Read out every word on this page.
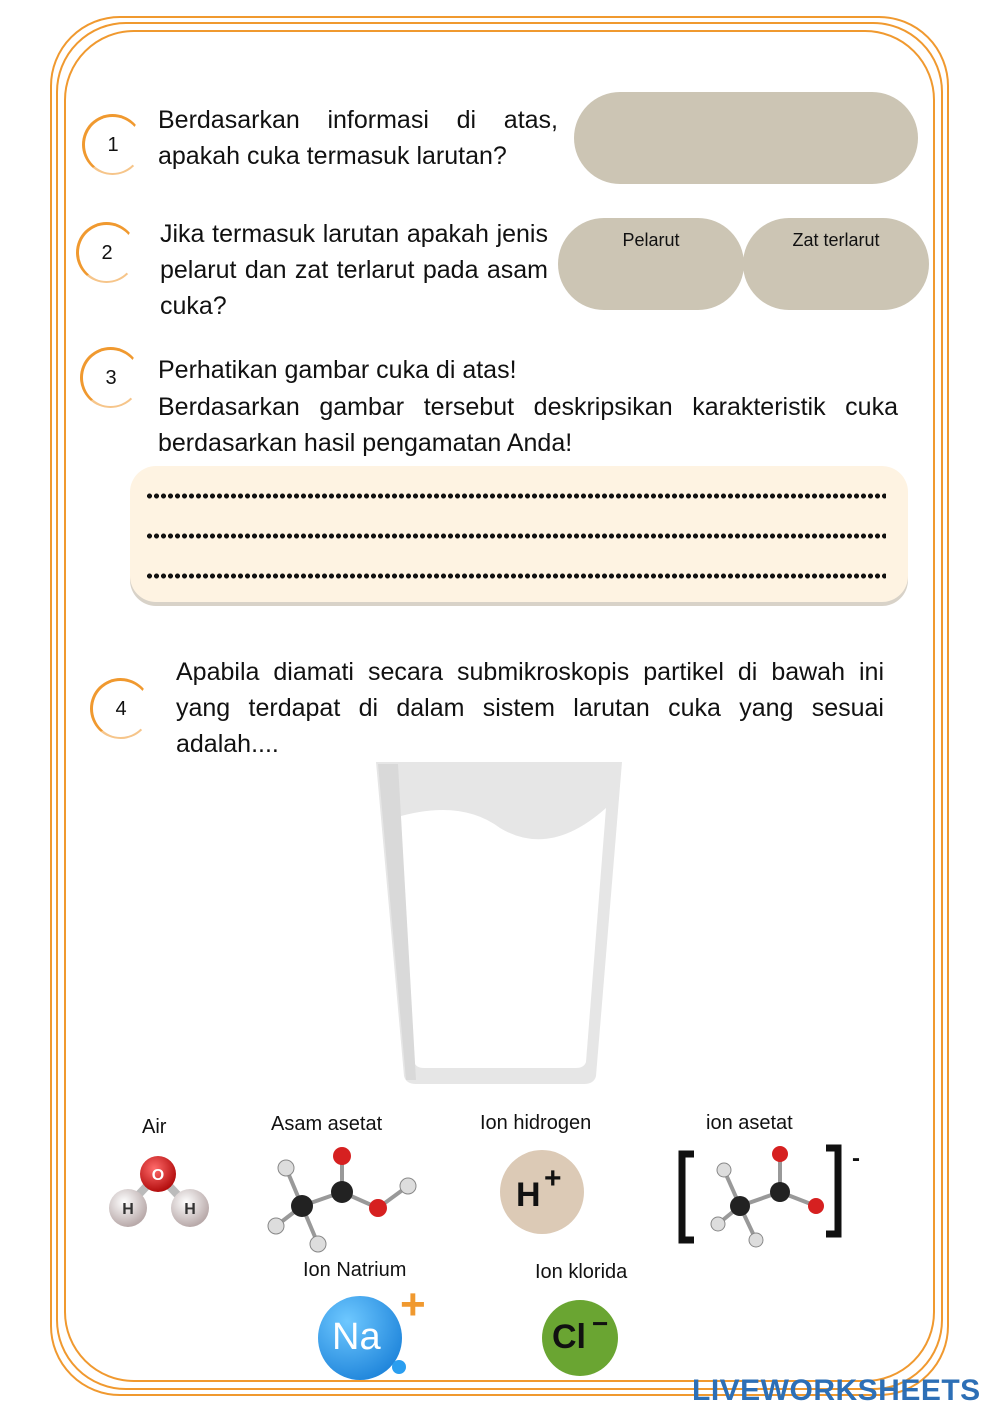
1
Berdasarkan informasi di atas, apakah cuka termasuk larutan?
2
Jika termasuk larutan apakah jenis pelarut dan zat terlarut pada asam cuka?
Pelarut	Zat terlarut
3	Perhatikan gambar cuka di atas!
Berdasarkan gambar tersebut deskripsikan karakteristik cuka berdasarkan hasil pengamatan Anda!
4
Apabila diamati secara submikroskopis partikel di bawah ini yang terdapat di dalam sistem larutan cuka yang sesuai adalah....
Air
O
H	H
Asam asetat	Ion hidrogen
H +
ion asetat
-
Ion Natrium
Na
+
Ion klorida
Cl −
LIVEWORKSHEETS
